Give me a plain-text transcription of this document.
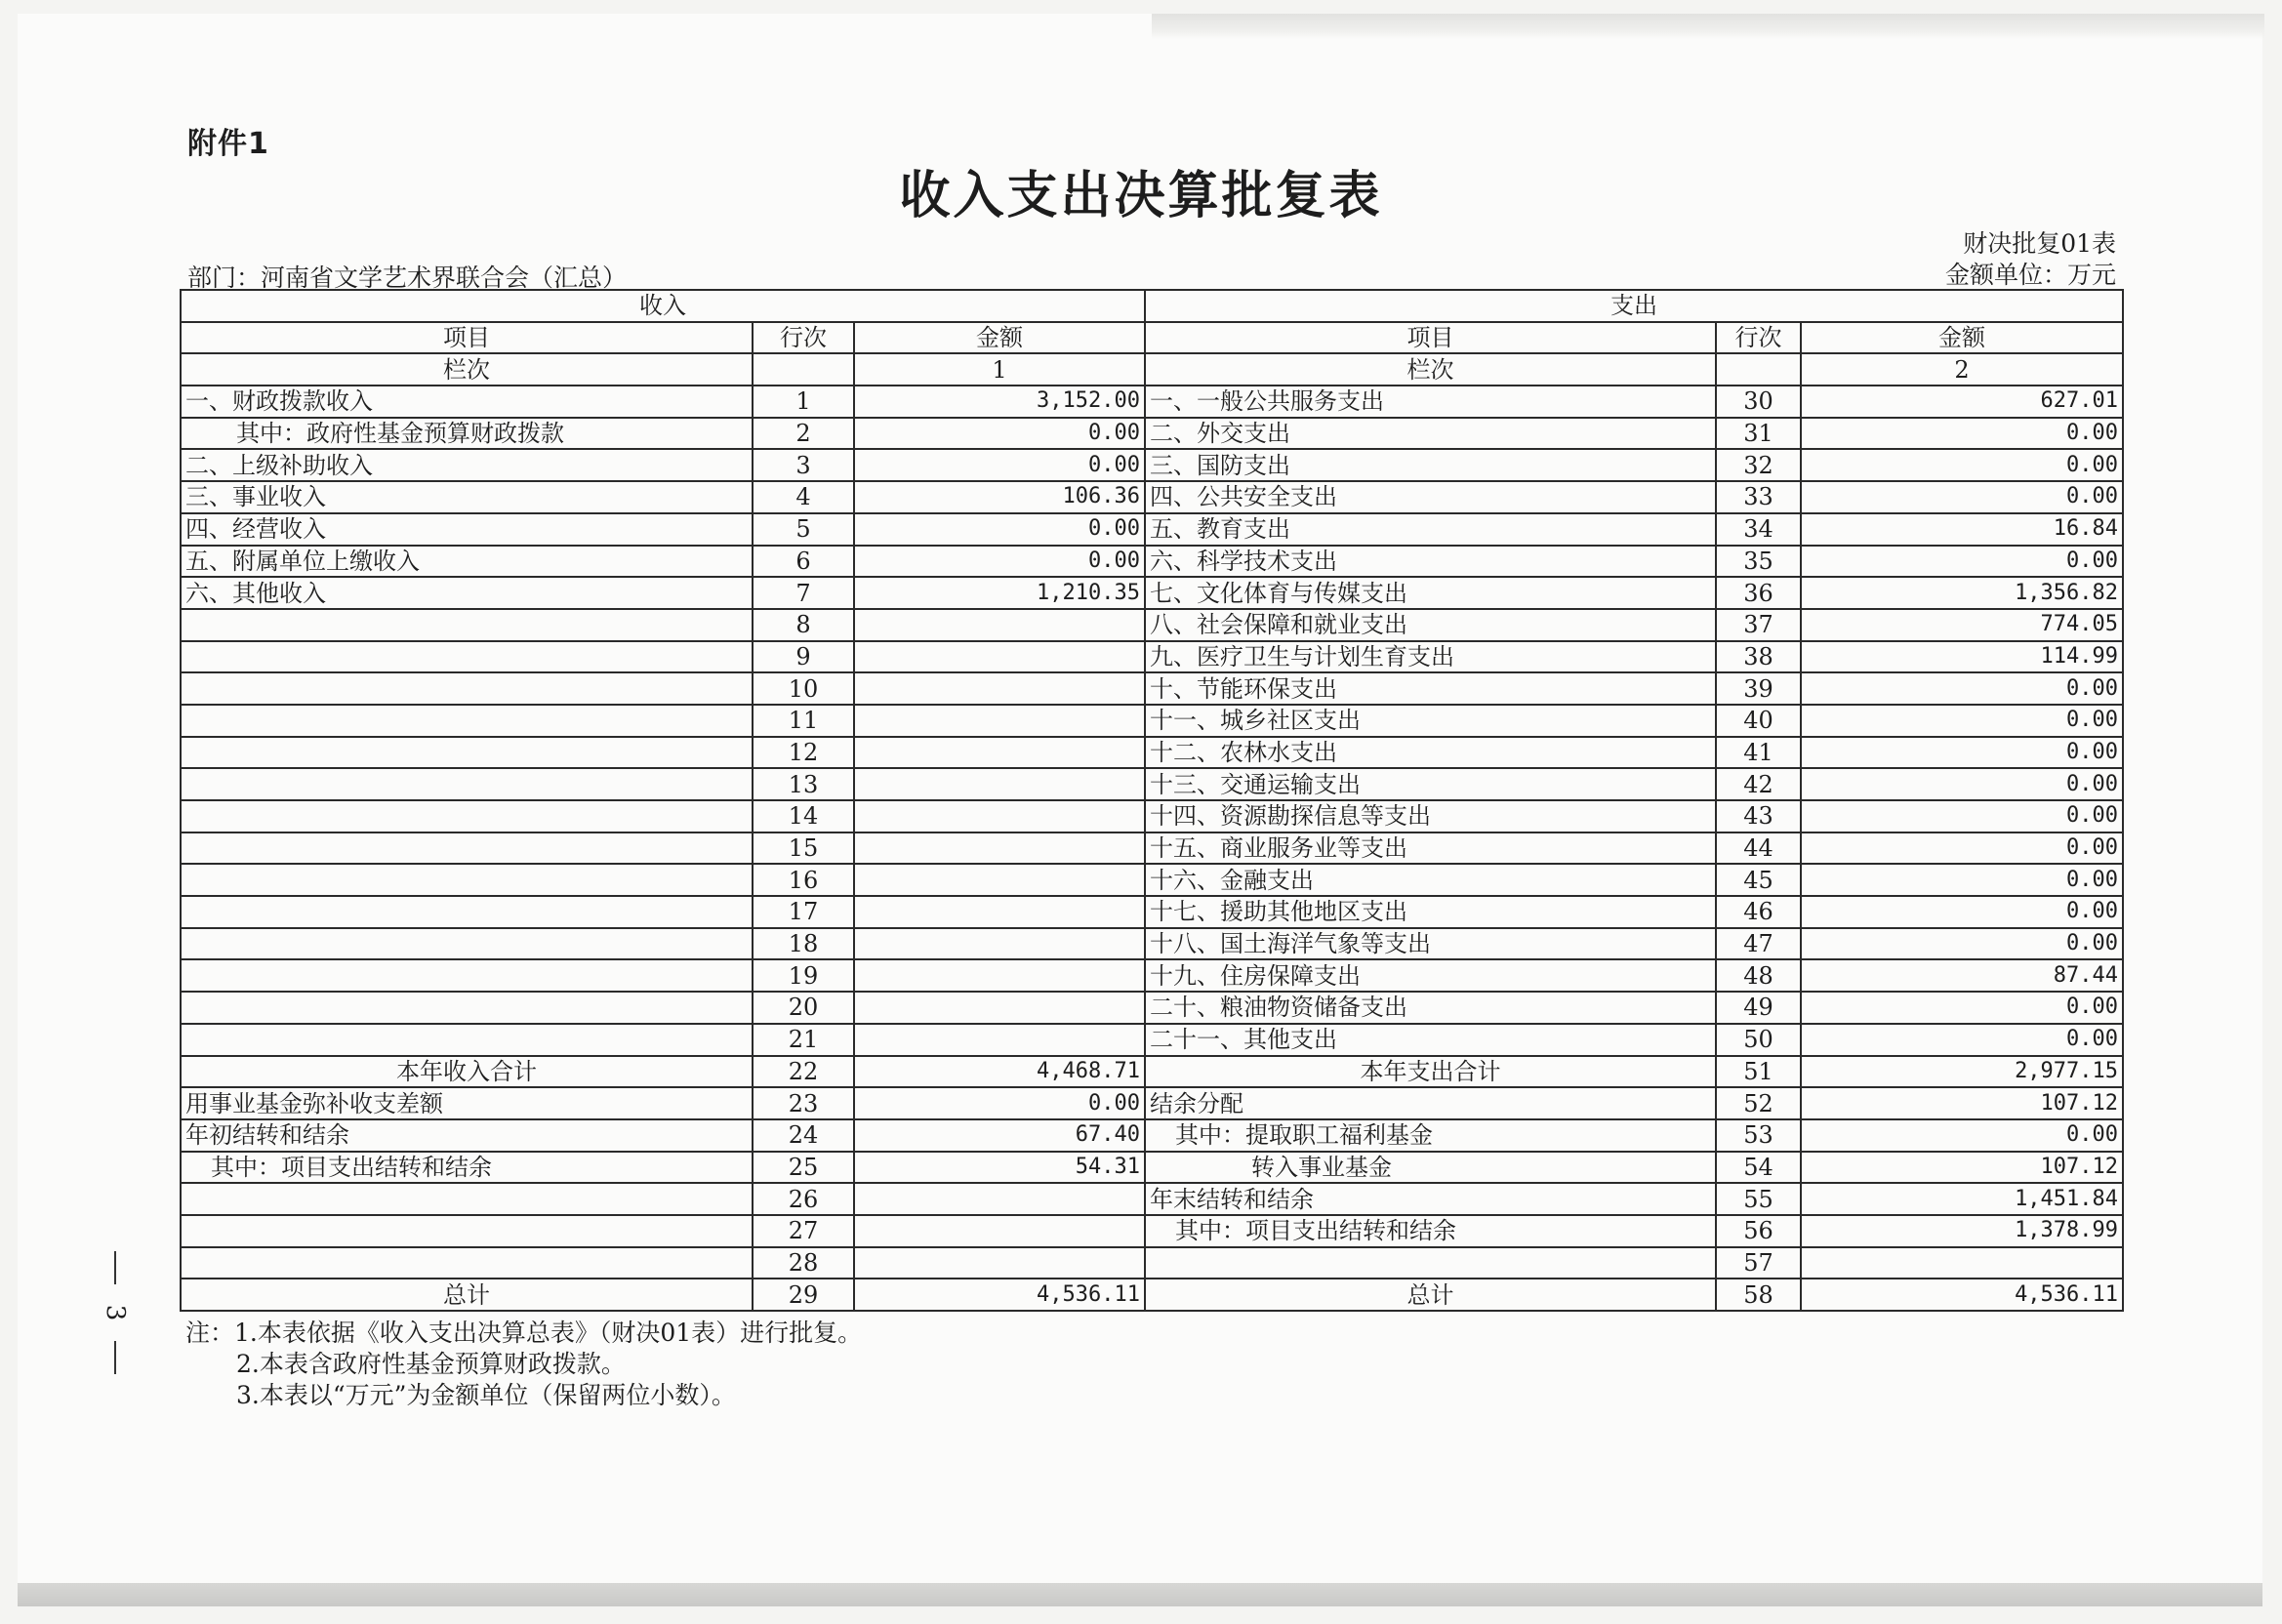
附件1
收入支出决算批复表
财决批复01表
部门：河南省文学艺术界联合会（汇总）	金额单位：万元
收入			支出		
项目	行次	金额	项目	行次	金额
栏次		1	栏次		2
一、财政拨款收入	1	3,152.00	一、一般公共服务支出	30	627.01
其中：政府性基金预算财政拨款	2	0.00	二、外交支出	31	0.00
二、上级补助收入	3	0.00	三、国防支出	32	0.00
三、事业收入	4	106.36	四、公共安全支出	33	0.00
四、经营收入	5	0.00	五、教育支出	34	16.84
五、附属单位上缴收入	6	0.00	六、科学技术支出	35	0.00
六、其他收入	7	1,210.35	七、文化体育与传媒支出	36	1,356.82
	8		八、社会保障和就业支出	37	774.05
	9		九、医疗卫生与计划生育支出	38	114.99
	10		十、节能环保支出	39	0.00
	11		十一、城乡社区支出	40	0.00
	12		十二、农林水支出	41	0.00
	13		十三、交通运输支出	42	0.00
	14		十四、资源勘探信息等支出	43	0.00
	15		十五、商业服务业等支出	44	0.00
	16		十六、金融支出	45	0.00
	17		十七、援助其他地区支出	46	0.00
	18		十八、国土海洋气象等支出	47	0.00
	19		十九、住房保障支出	48	87.44
	20		二十、粮油物资储备支出	49	0.00
	21		二十一、其他支出	50	0.00
本年收入合计	22	4,468.71	本年支出合计	51	2,977.15
用事业基金弥补收支差额	23	0.00	结余分配	52	107.12
年初结转和结余	24	67.40	其中：提取职工福利基金	53	0.00
其中：项目支出结转和结余	25	54.31	转入事业基金	54	107.12
	26		年末结转和结余	55	1,451.84
	27		其中：项目支出结转和结余	56	1,378.99
	28			57	
总计	29	4,536.11	总计	58	4,536.11
注：1.本表依据《收入支出决算总表》（财决01表）进行批复。
2.本表含政府性基金预算财政拨款。
3.本表以“万元”为金额单位（保留两位小数）。
3
